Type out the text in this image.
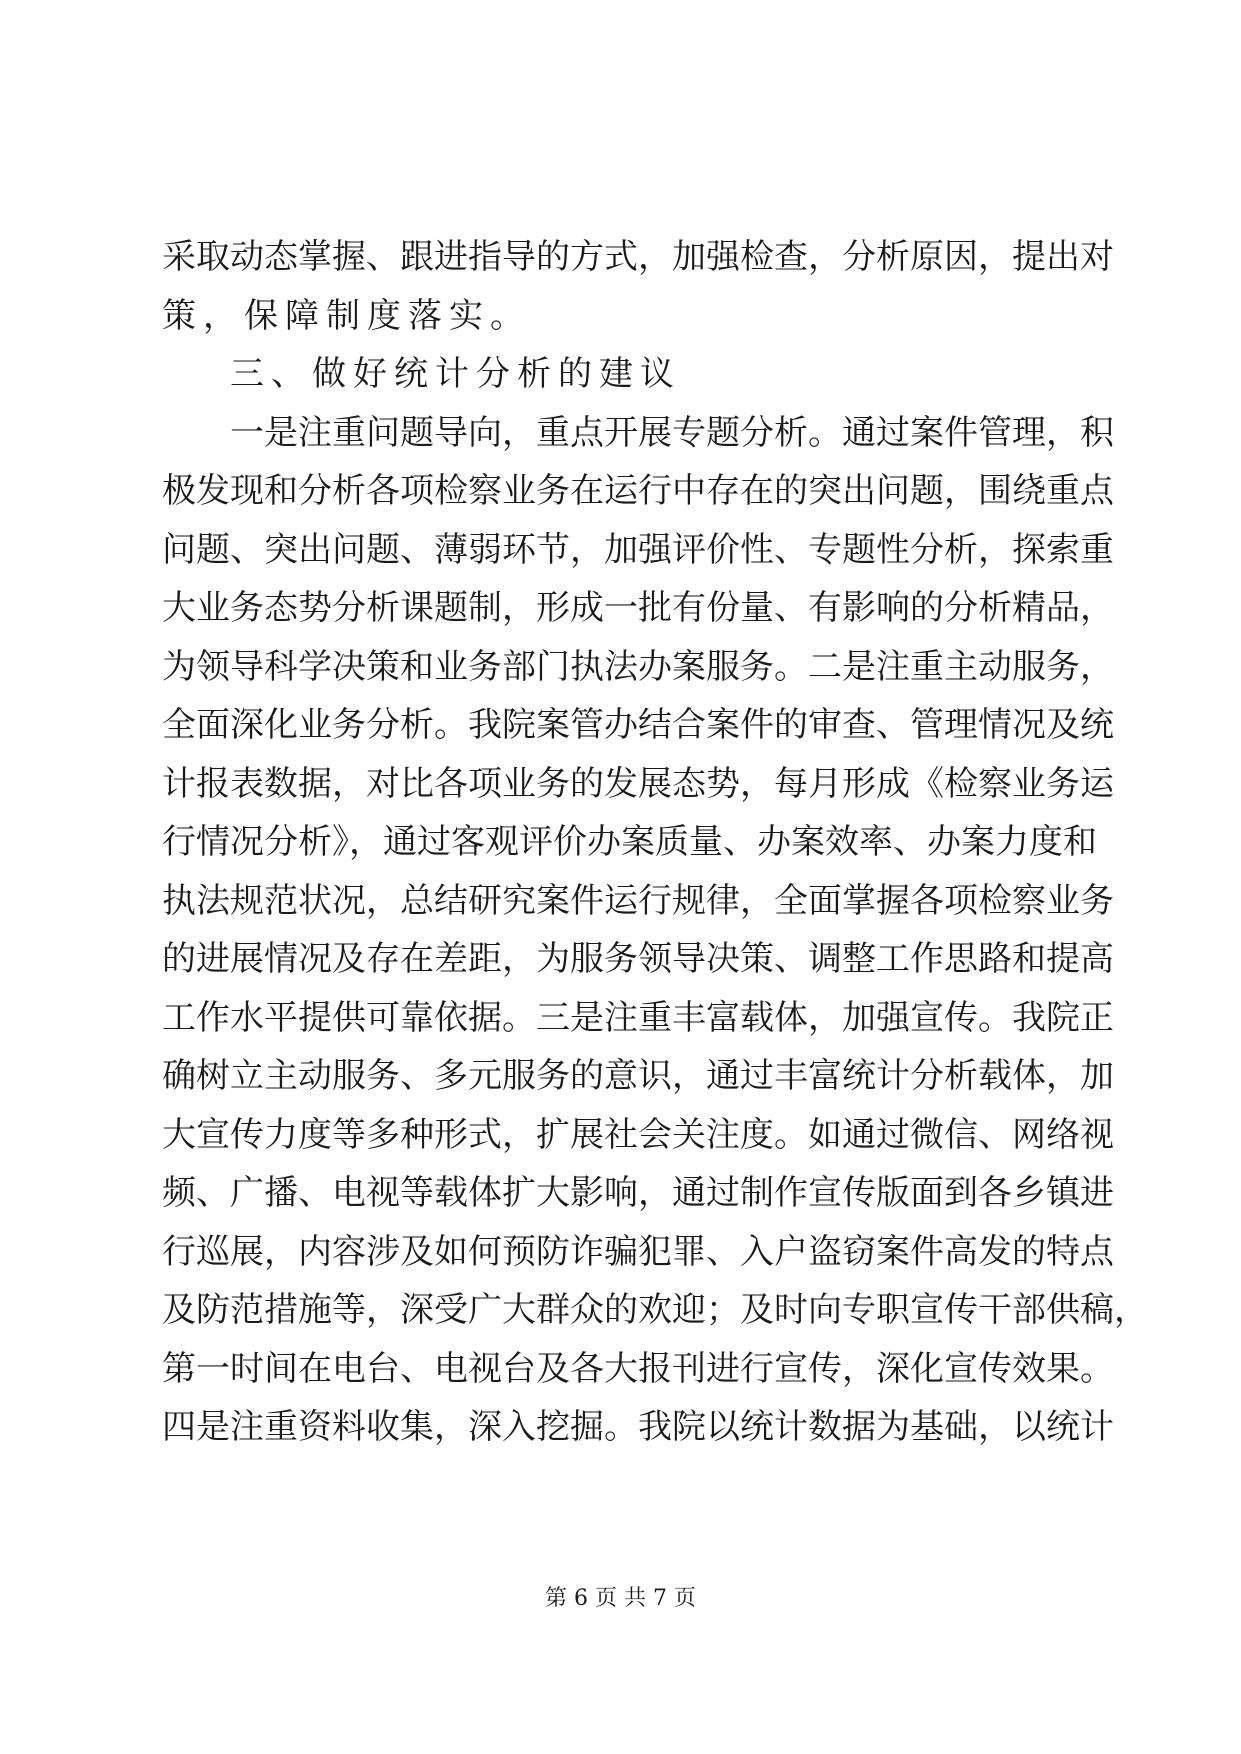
采取动态掌握、跟进指导的方式，加强检查，分析原因，提出对
策，保障制度落实。
三、做好统计分析的建议
一是注重问题导向，重点开展专题分析。通过案件管理，积
极发现和分析各项检察业务在运行中存在的突出问题，围绕重点
问题、突出问题、薄弱环节，加强评价性、专题性分析，探索重
大业务态势分析课题制，形成一批有份量、有影响的分析精品，
为领导科学决策和业务部门执法办案服务。二是注重主动服务，
全面深化业务分析。我院案管办结合案件的审查、管理情况及统
计报表数据，对比各项业务的发展态势，每月形成《检察业务运
行情况分析》，通过客观评价办案质量、办案效率、办案力度和
执法规范状况，总结研究案件运行规律，全面掌握各项检察业务
的进展情况及存在差距，为服务领导决策、调整工作思路和提高
工作水平提供可靠依据。三是注重丰富载体，加强宣传。我院正
确树立主动服务、多元服务的意识，通过丰富统计分析载体，加
大宣传力度等多种形式，扩展社会关注度。如通过微信、网络视
频、广播、电视等载体扩大影响，通过制作宣传版面到各乡镇进
行巡展，内容涉及如何预防诈骗犯罪、入户盗窃案件高发的特点
及防范措施等，深受广大群众的欢迎；及时向专职宣传干部供稿，
第一时间在电台、电视台及各大报刊进行宣传，深化宣传效果。
四是注重资料收集，深入挖掘。我院以统计数据为基础，以统计
第 6 页 共 7 页
